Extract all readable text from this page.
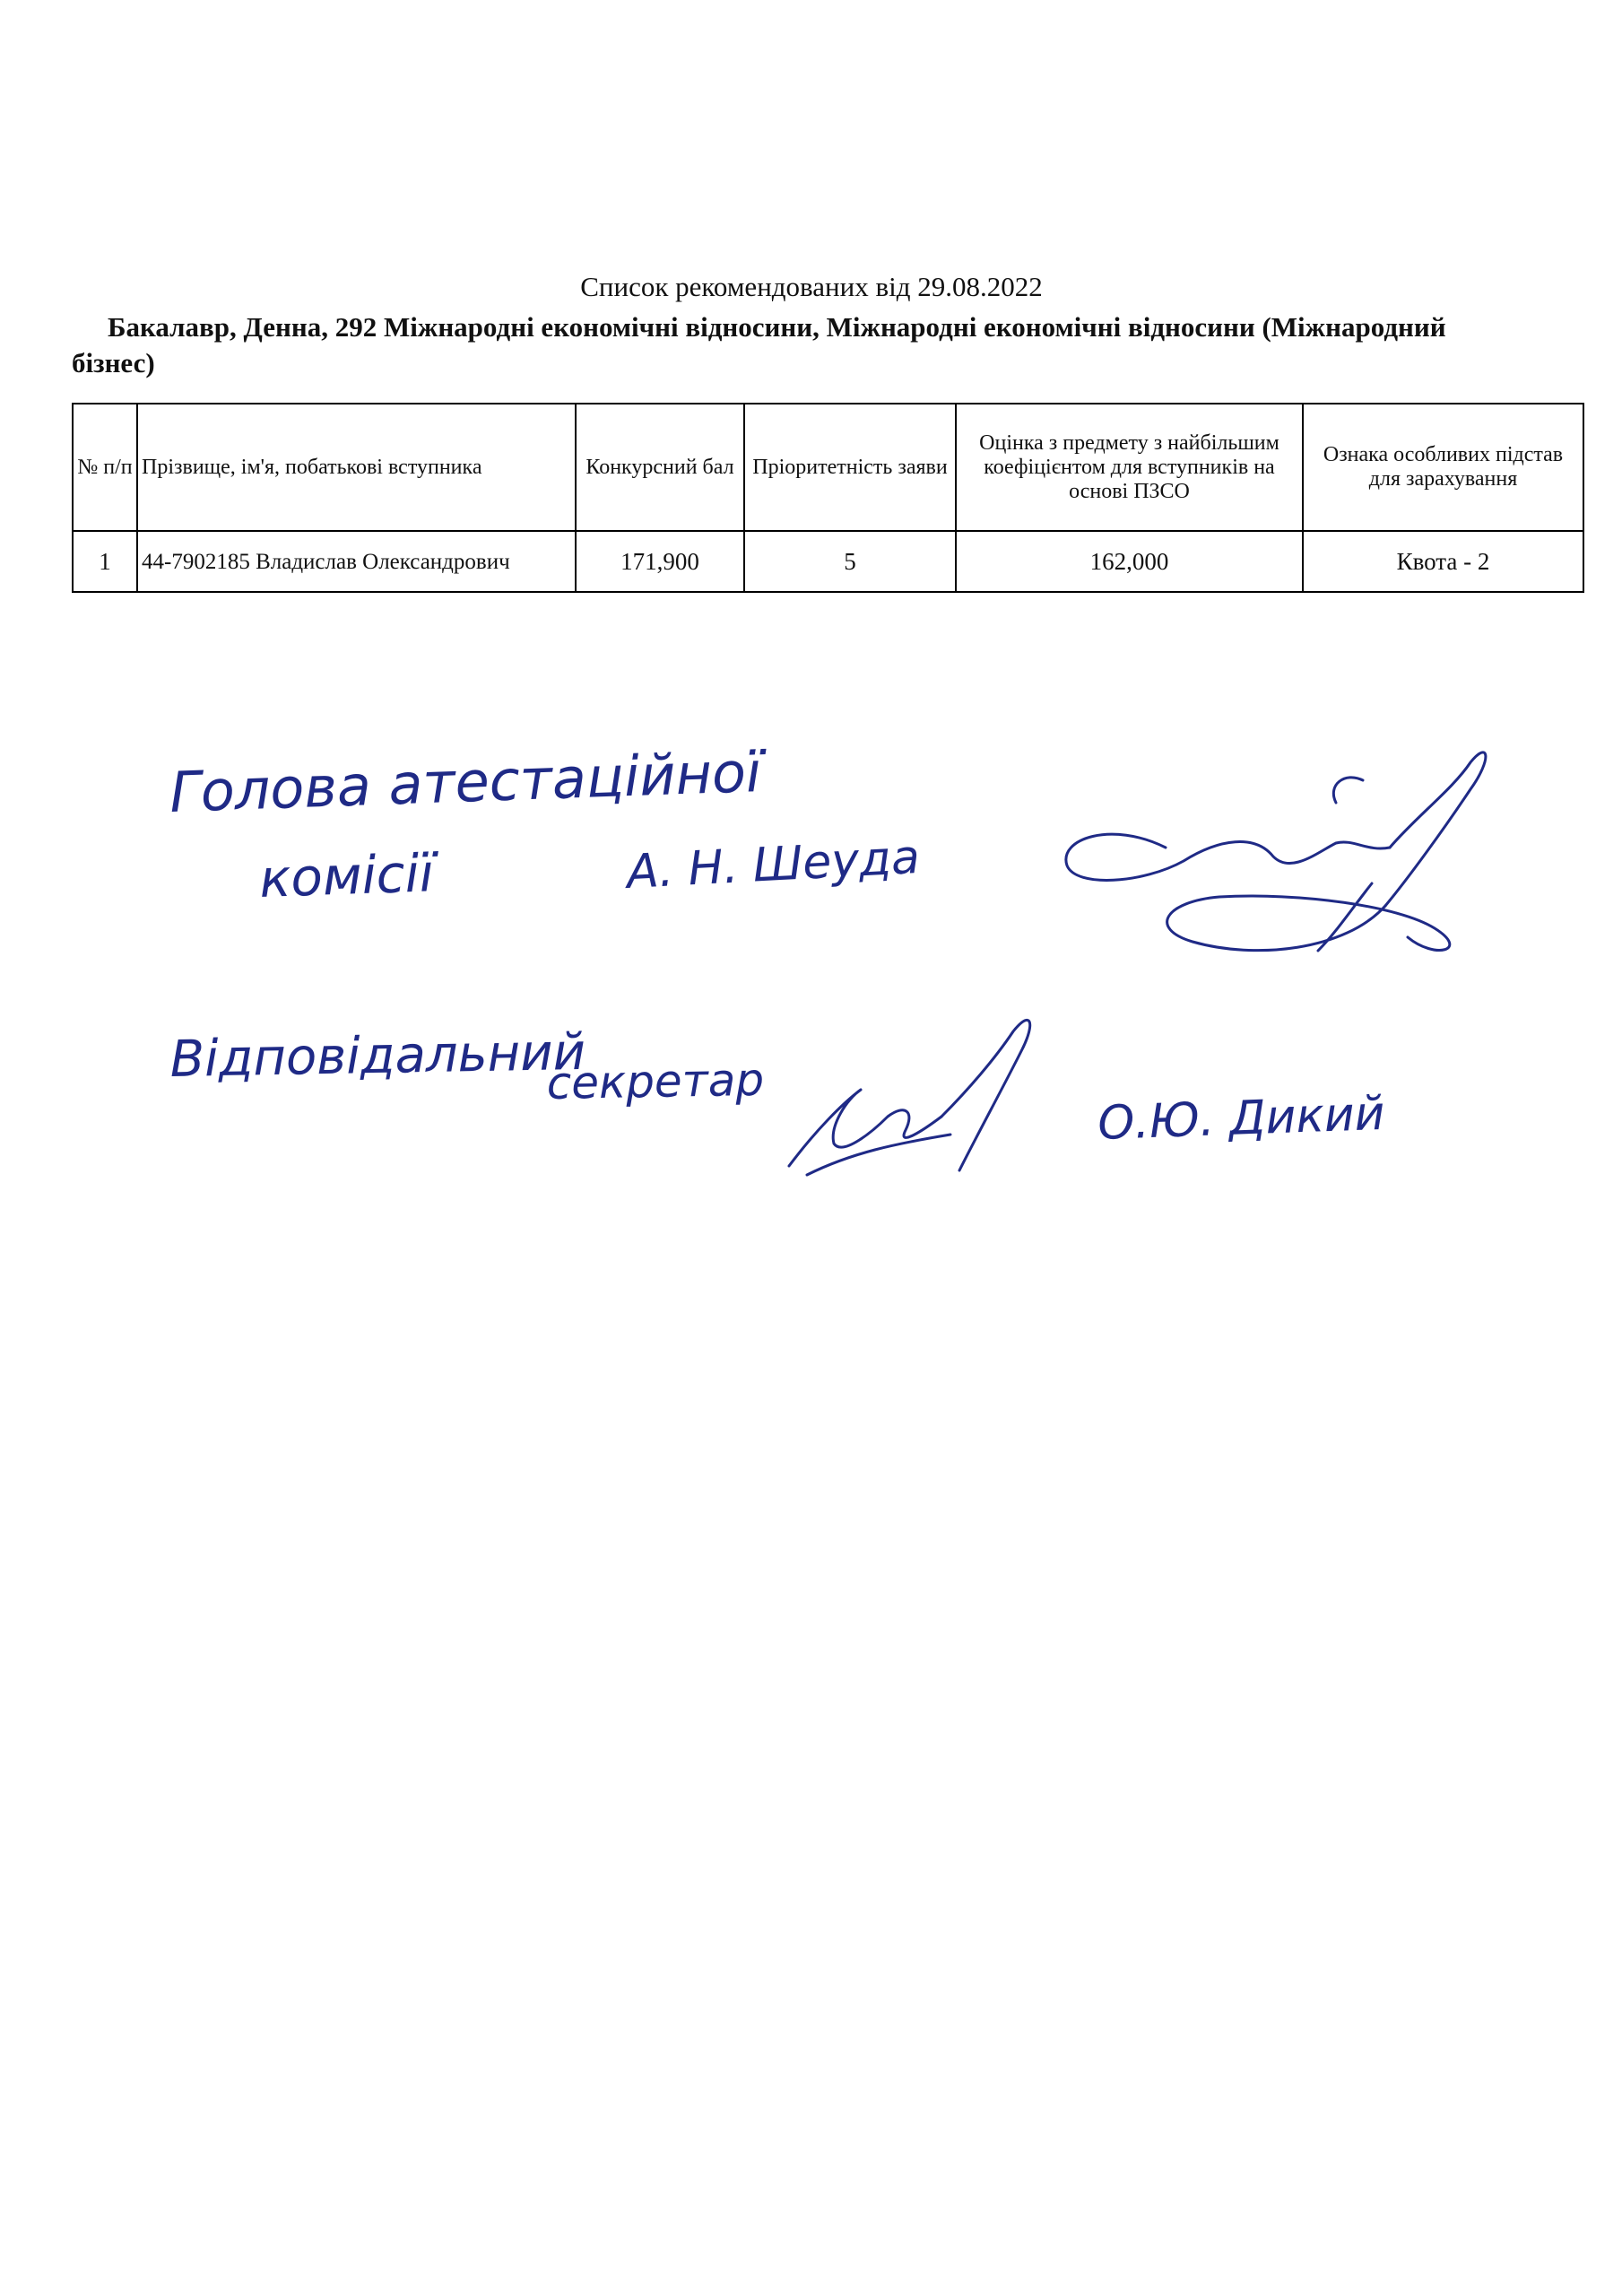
Список рекомендованих від 29.08.2022
Бакалавр, Денна, 292 Міжнародні економічні відносини, Міжнародні економічні відносини (Міжнародний бізнес)
№ п/п	Прізвище, ім'я, побатькові вступника	Конкурсний бал	Пріоритетність заяви	Оцінка з предмету з найбільшим коефіцієнтом для вступників на основі ПЗСО	Ознака особливих підстав для зарахування
1	44-7902185 Владислав Олександрович	171,900	5	162,000	Квота - 2
Голова атестаційної
комісії	А. Н. Шеуда
Відповідальний
секретар
О.Ю. Дикий
